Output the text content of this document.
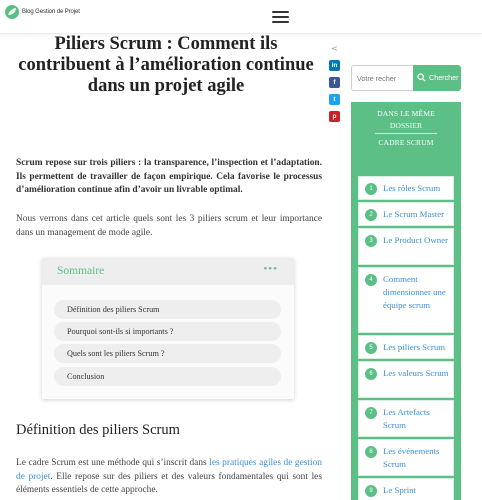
Blog Gestion de Projet
Piliers Scrum : Comment ils contribuent à l’amélioration continue dans un projet agile
<
in
f
t
p

Scrum repose sur trois piliers : la transparence, l’inspection et l’adaptation. Ils permettent de travailler de façon empirique. Cela favorise le processus d’amélioration continue afin d’avoir un livrable optimal.

Nous verrons dans cet article quels sont les 3 piliers scrum et leur importance dans un management de mode agile.

Sommaire	•••
Définition des piliers Scrum
Pourquoi sont-ils si importants ?
Quels sont les piliers Scrum ?
Conclusion
Définition des piliers Scrum

Le cadre Scrum est une méthode qui s’inscrit dans les pratiques agiles de gestion de projet. Elle repose sur des piliers et des valeurs fondamentales qui sont les éléments essentiels de cette approche.

Votre recher
Chercher
DANS LE MÊME
DOSSIER
CADRE SCRUM
1	Les rôles Scrum
2	Le Scrum Master
3	Le Product Owner
4	Comment dimensionner une équipe scrum
5	Les piliers Scrum
6	Les valeurs Scrum
7	Les Artefacts Scrum
8	Les événements Scrum
9	Le Sprint
